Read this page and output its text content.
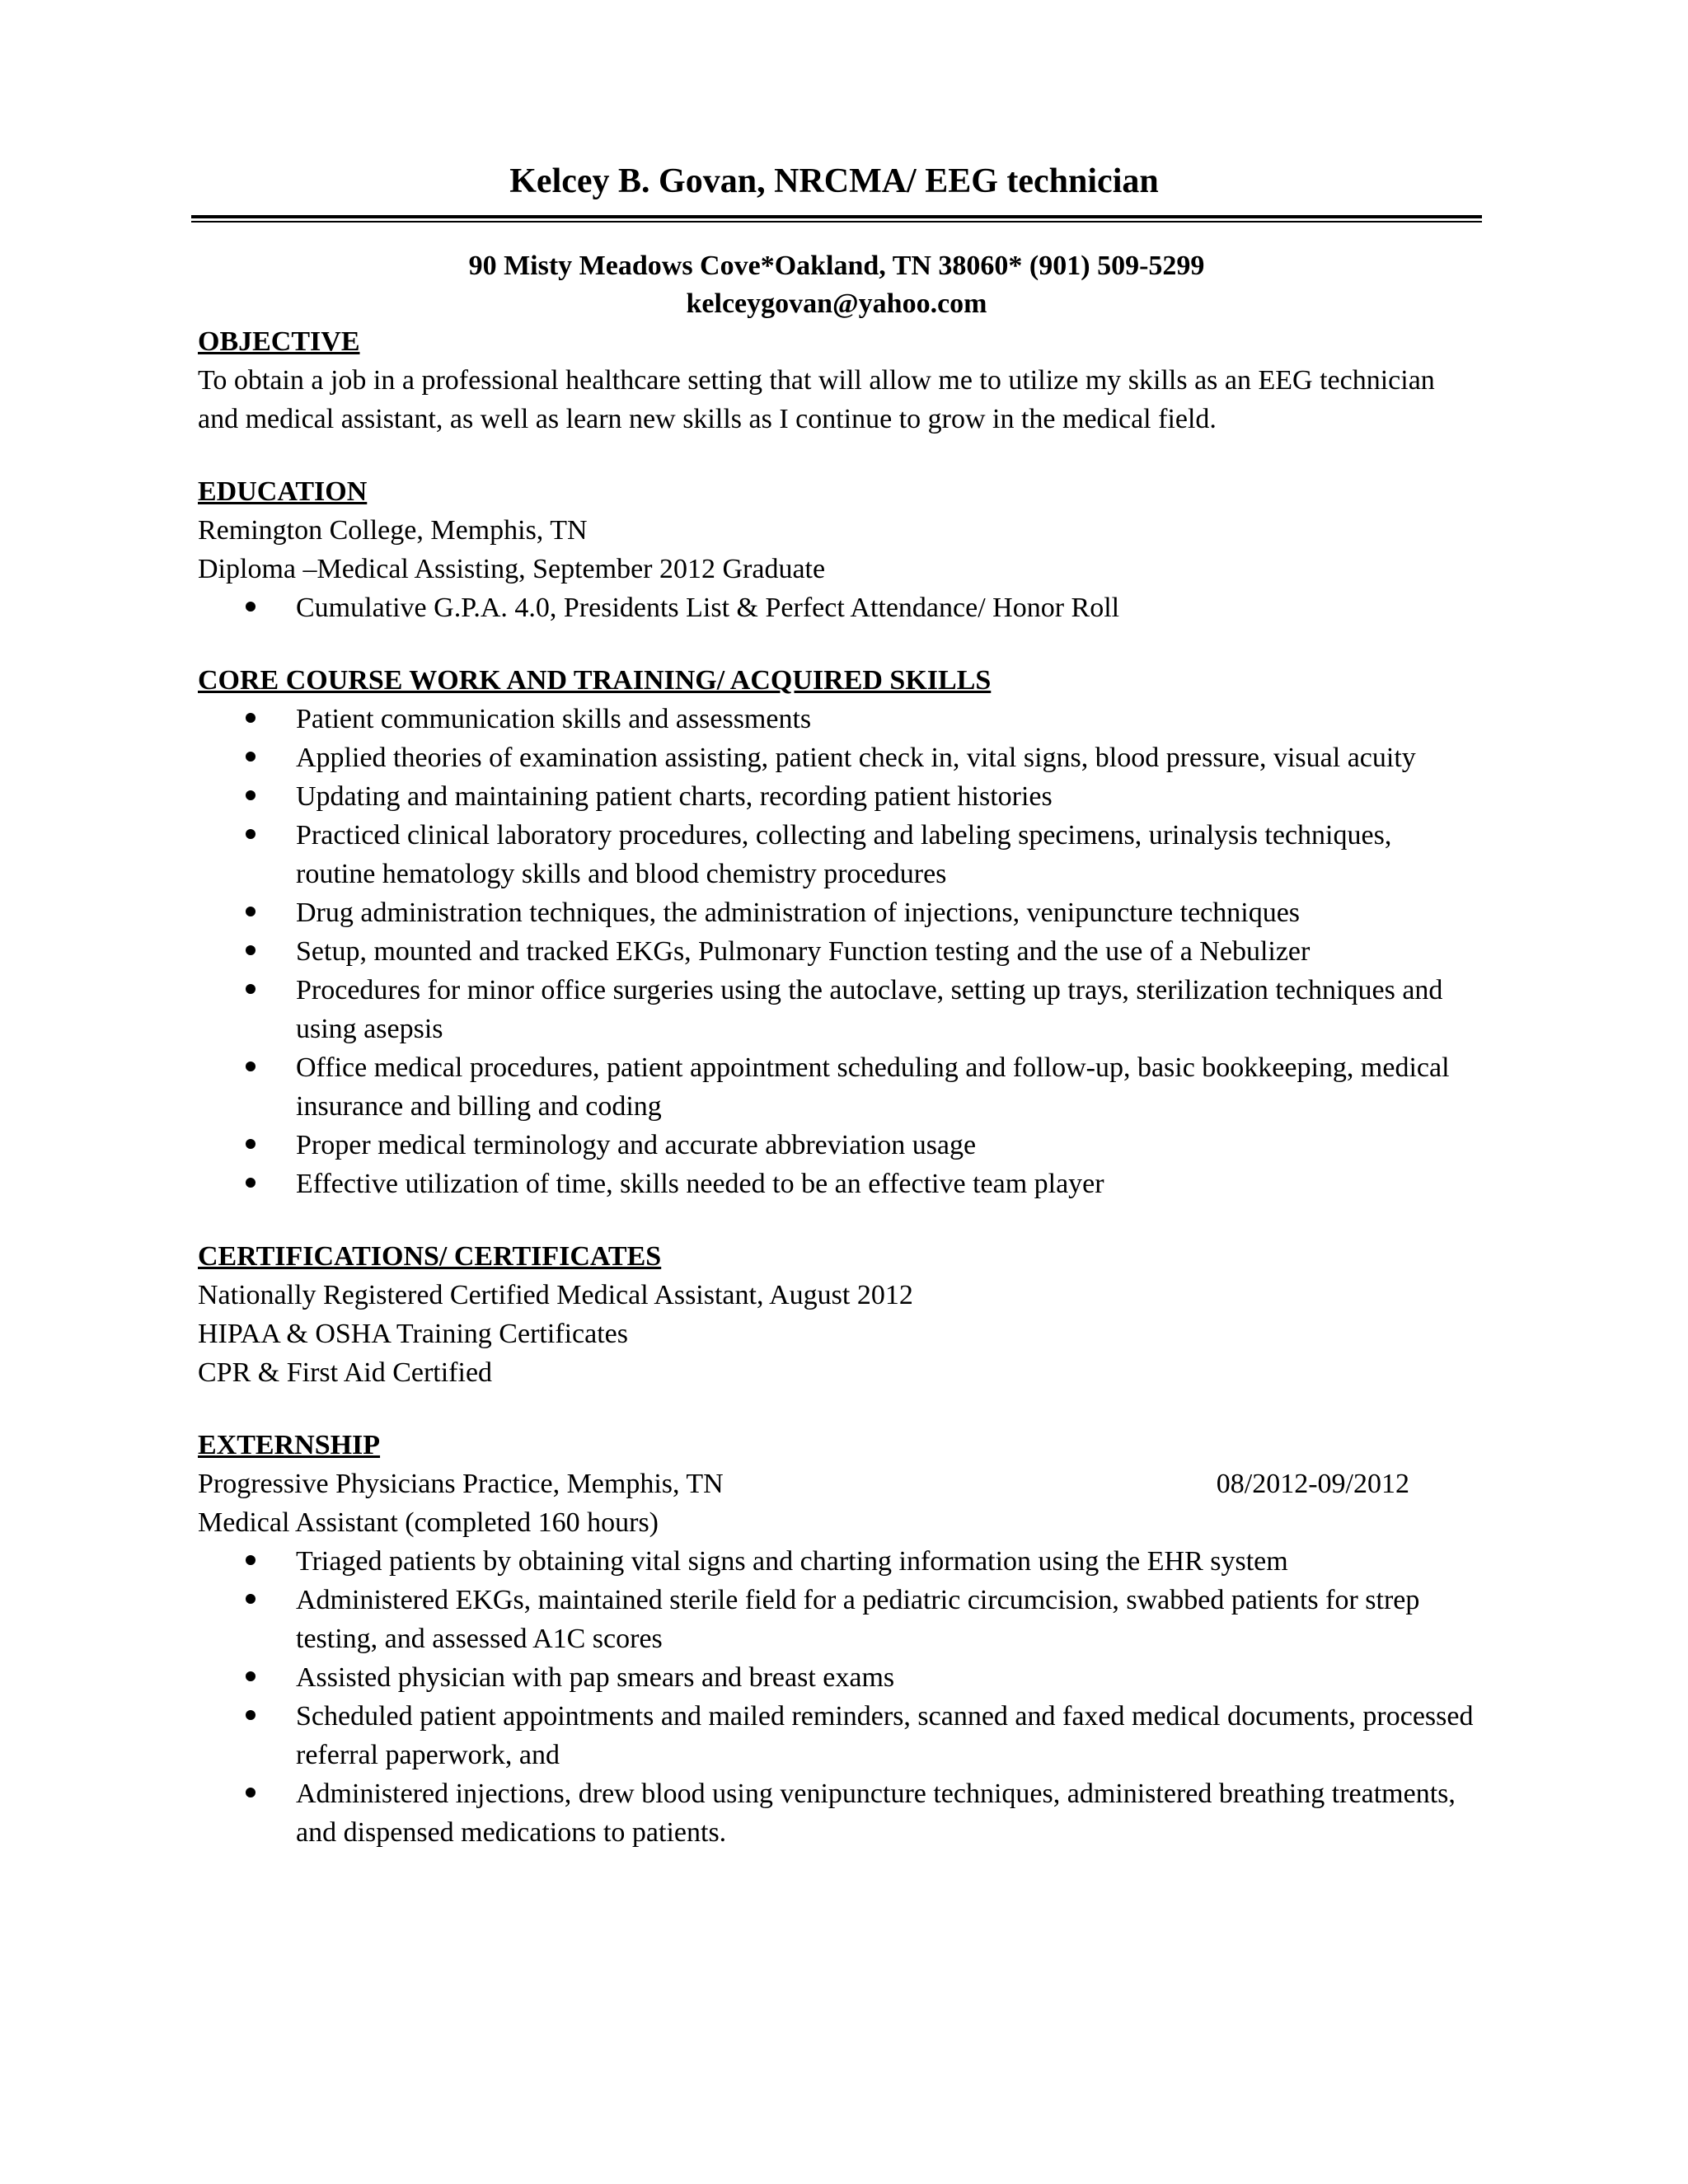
Kelcey B. Govan, NRCMA/ EEG technician
90 Misty Meadows Cove*Oakland, TN 38060* (901) 509-5299
kelceygovan@yahoo.com
OBJECTIVE
To obtain a job in a professional healthcare setting that will allow me to utilize my skills as an EEG technician and medical assistant, as well as learn new skills as I continue to grow in the medical field.
EDUCATION
Remington College, Memphis, TN
Diploma –Medical Assisting, September 2012 Graduate
Cumulative G.P.A. 4.0, Presidents List & Perfect Attendance/ Honor Roll
CORE COURSE WORK AND TRAINING/ ACQUIRED SKILLS
Patient communication skills and assessments
Applied theories of examination assisting, patient check in, vital signs, blood pressure, visual acuity
Updating and maintaining patient charts, recording patient histories
Practiced clinical laboratory procedures, collecting and labeling specimens, urinalysis techniques, routine hematology skills and blood chemistry procedures
Drug administration techniques, the administration of injections, venipuncture techniques
Setup, mounted and tracked EKGs, Pulmonary Function testing and the use of a Nebulizer
Procedures for minor office surgeries using the autoclave, setting up trays, sterilization techniques and using asepsis
Office medical procedures, patient appointment scheduling and follow-up, basic bookkeeping, medical insurance and billing and coding
Proper medical terminology and accurate abbreviation usage
Effective utilization of time, skills needed to be an effective team player
CERTIFICATIONS/ CERTIFICATES
Nationally Registered Certified Medical Assistant, August 2012
HIPAA & OSHA Training Certificates
CPR & First Aid Certified
EXTERNSHIP
Progressive Physicians Practice, Memphis, TN	08/2012-09/2012
Medical Assistant (completed 160 hours)
Triaged patients by obtaining vital signs and charting information using the EHR system
Administered EKGs, maintained sterile field for a pediatric circumcision, swabbed patients for strep testing, and assessed A1C scores
Assisted physician with pap smears and breast exams
Scheduled patient appointments and mailed reminders, scanned and faxed medical documents, processed referral paperwork, and
Administered injections, drew blood using venipuncture techniques, administered breathing treatments, and dispensed medications to patients.
